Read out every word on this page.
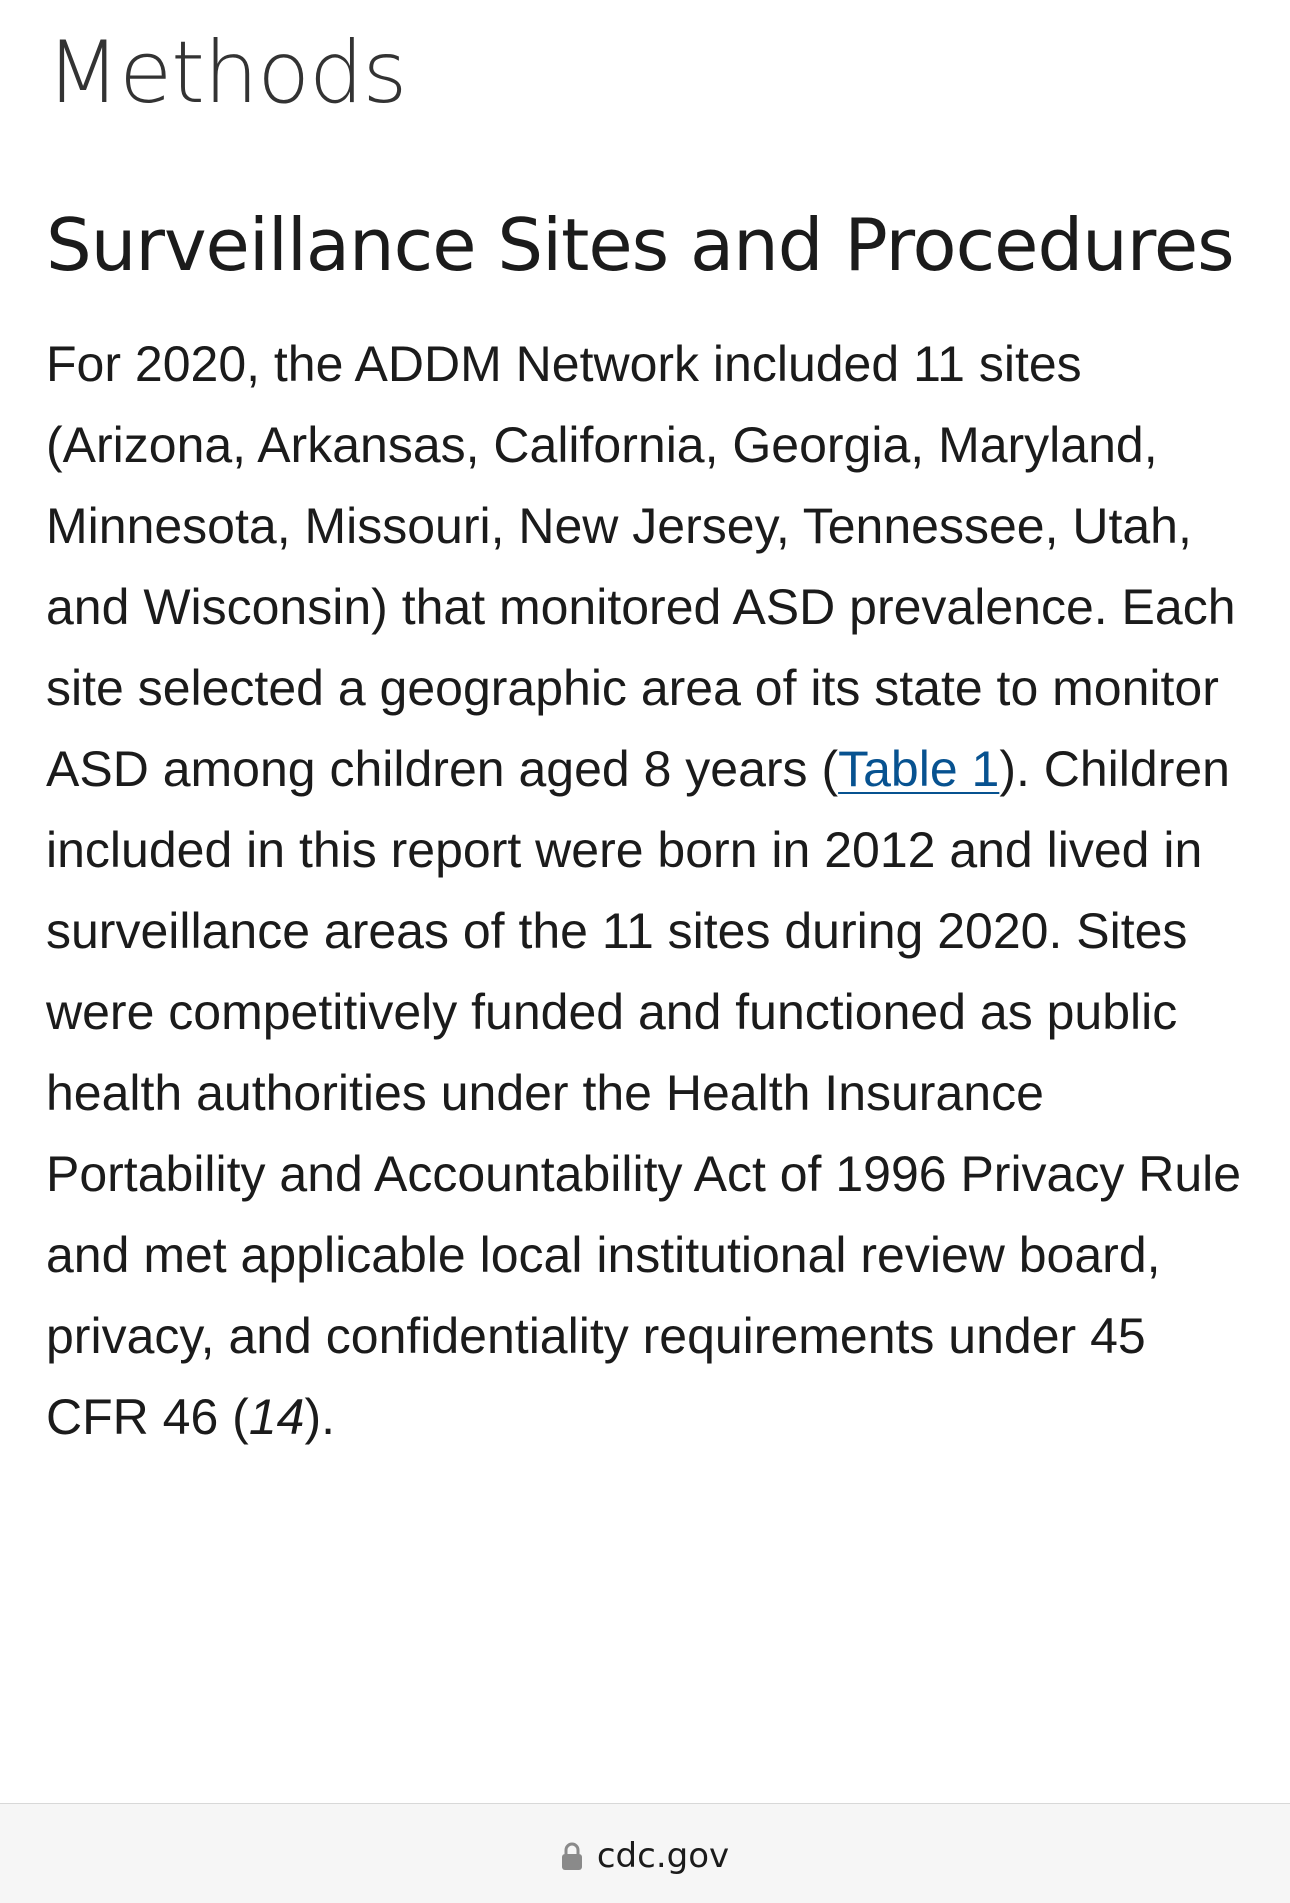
Methods
Surveillance Sites and Procedures

For 2020, the ADDM Network included 11 sites (Arizona, Arkansas, California, Georgia, Maryland, Minnesota, Missouri, New Jersey, Tennessee, Utah, and Wisconsin) that monitored ASD prevalence. Each site selected a geographic area of its state to monitor ASD among children aged 8 years (Table 1). Children included in this report were born in 2012 and lived in surveillance areas of the 11 sites during 2020. Sites were competitively funded and functioned as public health authorities under the Health Insurance Portability and Accountability Act of 1996 Privacy Rule and met applicable local institutional review board, privacy, and confidentiality requirements under 45 CFR 46 (14).

cdc.gov
